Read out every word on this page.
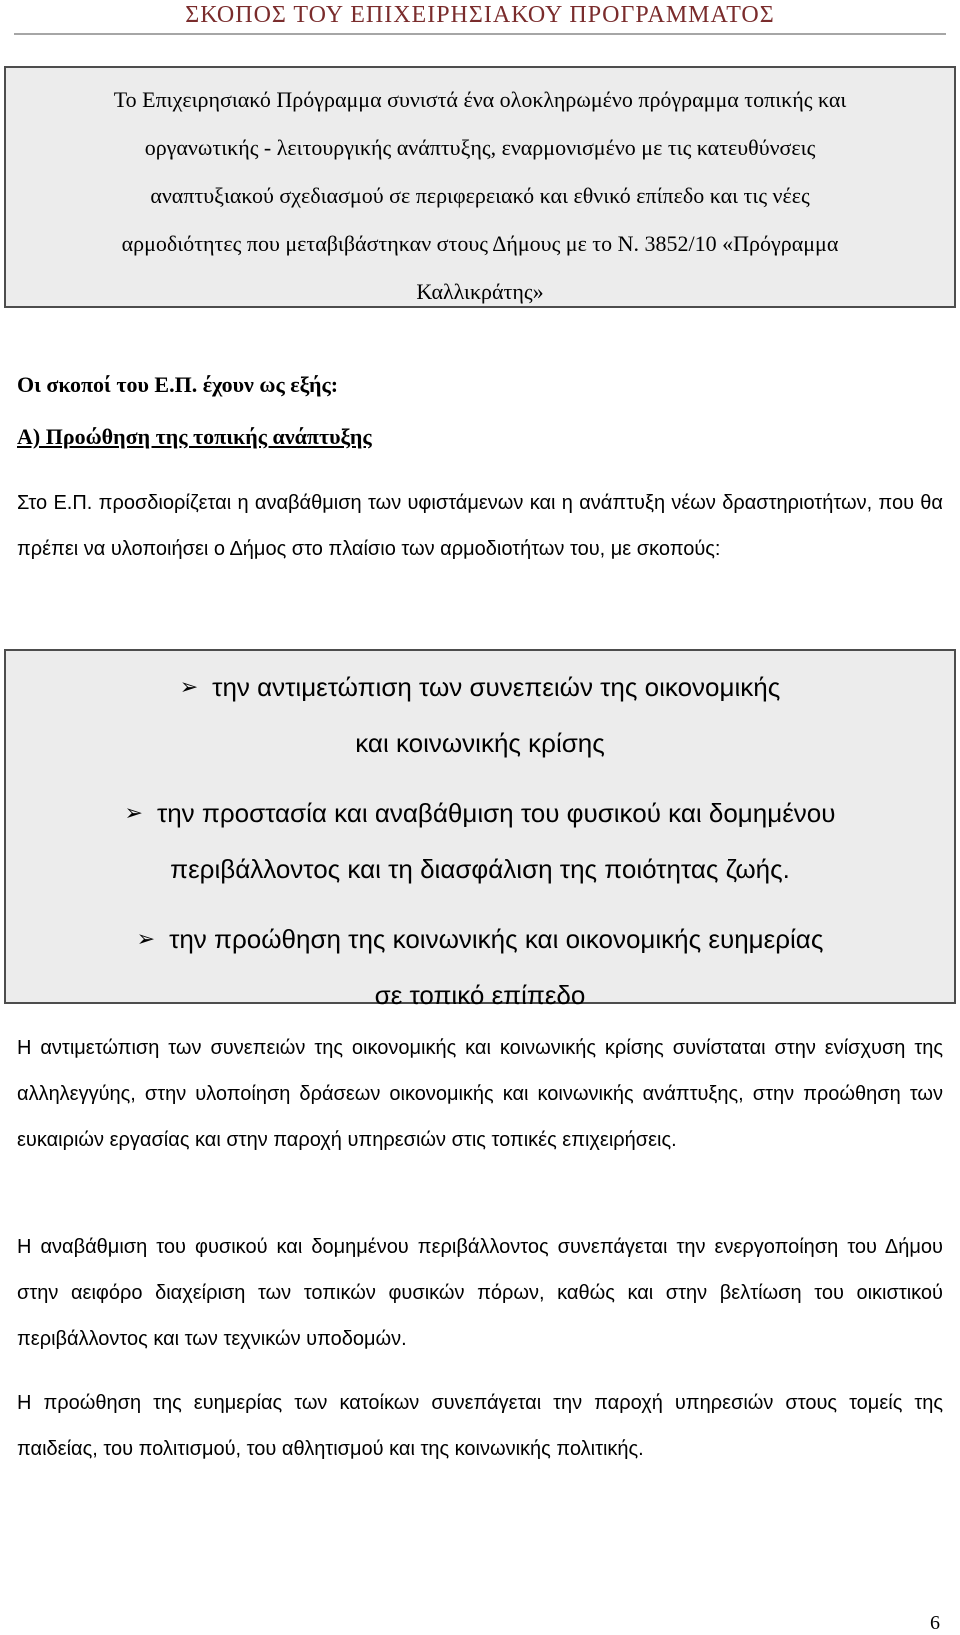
ΣΚΟΠΟΣ ΤΟΥ ΕΠΙΧΕΙΡΗΣΙΑΚΟΥ ΠΡΟΓΡΑΜΜΑΤΟΣ
Το Επιχειρησιακό Πρόγραμμα συνιστά ένα ολοκληρωμένο πρόγραμμα τοπικής και
οργανωτικής - λειτουργικής ανάπτυξης, εναρμονισμένο με τις κατευθύνσεις
αναπτυξιακού σχεδιασμού σε περιφερειακό και εθνικό επίπεδο και τις νέες
αρμοδιότητες που μεταβιβάστηκαν στους Δήμους με το Ν. 3852/10 «Πρόγραμμα
Καλλικράτης»
Οι σκοποί του Ε.Π. έχουν ως εξής:
Α) Προώθηση της τοπικής ανάπτυξης
Στο Ε.Π. προσδιορίζεται η αναβάθμιση των υφιστάμενων και η ανάπτυξη νέων δραστηριοτήτων, που θα πρέπει να υλοποιήσει ο Δήμος στο πλαίσιο των αρμοδιοτήτων του, με σκοπούς:
➢ την αντιμετώπιση των συνεπειών της οικονομικής
και κοινωνικής κρίσης
➢ την προστασία και αναβάθμιση του φυσικού και δομημένου
περιβάλλοντος και τη διασφάλιση της ποιότητας ζωής.
➢ την προώθηση της κοινωνικής και οικονομικής ευημερίας
σε τοπικό επίπεδο
Η αντιμετώπιση των συνεπειών της οικονομικής και κοινωνικής κρίσης συνίσταται στην ενίσχυση της αλληλεγγύης, στην υλοποίηση δράσεων οικονομικής και κοινωνικής ανάπτυξης, στην προώθηση των ευκαιριών εργασίας και στην παροχή υπηρεσιών στις τοπικές επιχειρήσεις.
Η αναβάθμιση του φυσικού και δομημένου περιβάλλοντος συνεπάγεται την ενεργοποίηση του Δήμου στην αειφόρο διαχείριση των τοπικών φυσικών πόρων, καθώς και στην βελτίωση του οικιστικού περιβάλλοντος και των τεχνικών υποδομών.
Η προώθηση της ευημερίας των κατοίκων συνεπάγεται την παροχή υπηρεσιών στους τομείς της παιδείας, του πολιτισμού, του αθλητισμού και της κοινωνικής πολιτικής.
6
